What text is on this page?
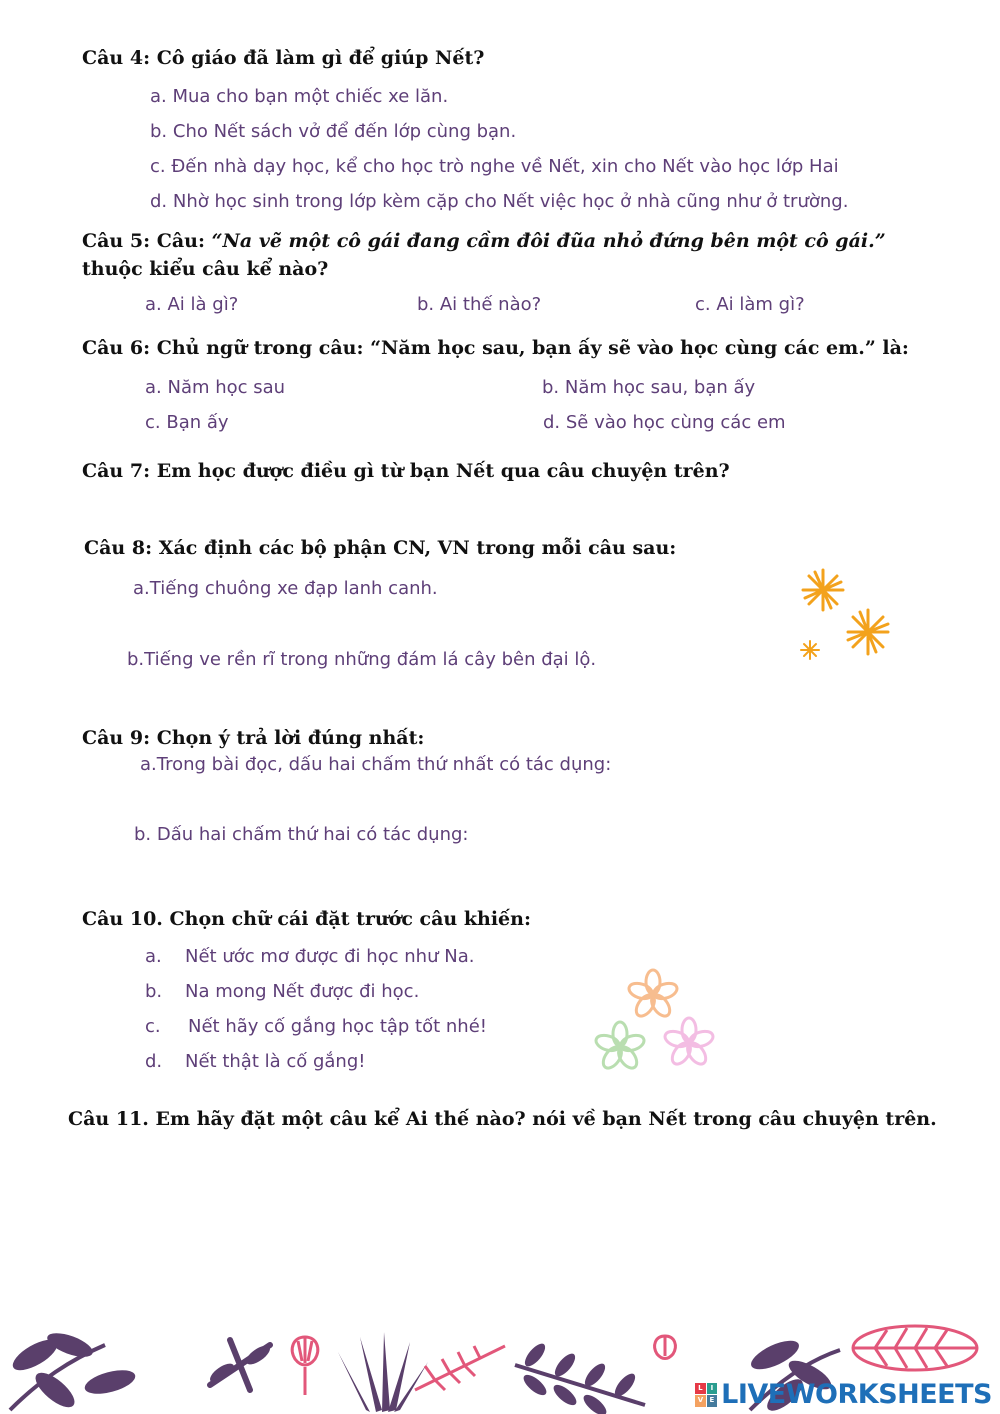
Câu 4: Cô giáo đã làm gì để giúp Nết?
a. Mua cho bạn một chiếc xe lăn.
b. Cho Nết sách vở để đến lớp cùng bạn.
c. Đến nhà dạy học, kể cho học trò nghe về Nết, xin cho Nết vào học lớp Hai
d. Nhờ học sinh trong lớp kèm cặp cho Nết việc học ở nhà cũng như ở trường.
Câu 5: Câu: “Na vẽ một cô gái đang cầm đôi đũa nhỏ đứng bên một cô gái.”
thuộc kiểu câu kể nào?
a. Ai là gì?	b. Ai thế nào?	c. Ai làm gì?
Câu 6: Chủ ngữ trong câu: “Năm học sau, bạn ấy sẽ vào học cùng các em.” là:
a. Năm học sau	b. Năm học sau, bạn ấy
c. Bạn ấy	d. Sẽ vào học cùng các em
Câu 7: Em học được điều gì từ bạn Nết qua câu chuyện trên?
Câu 8: Xác định các bộ phận CN, VN trong mỗi câu sau:
a.Tiếng chuông xe đạp lanh canh.
b.Tiếng ve rền rĩ trong những đám lá cây bên đại lộ.
Câu 9: Chọn ý trả lời đúng nhất:
a.Trong bài đọc, dấu hai chấm thứ nhất có tác dụng:
b. Dấu hai chấm thứ hai có tác dụng:
Câu 10. Chọn chữ cái đặt trước câu khiến:
a. Nết ước mơ được đi học như Na.
b. Na mong Nết được đi học.
c. Nết hãy cố gắng học tập tốt nhé!
d. Nết thật là cố gắng!
Câu 11. Em hãy đặt một câu kể Ai thế nào? nói về bạn Nết trong câu chuyện trên.
L	I
V E LIVEWORKSHEETS
